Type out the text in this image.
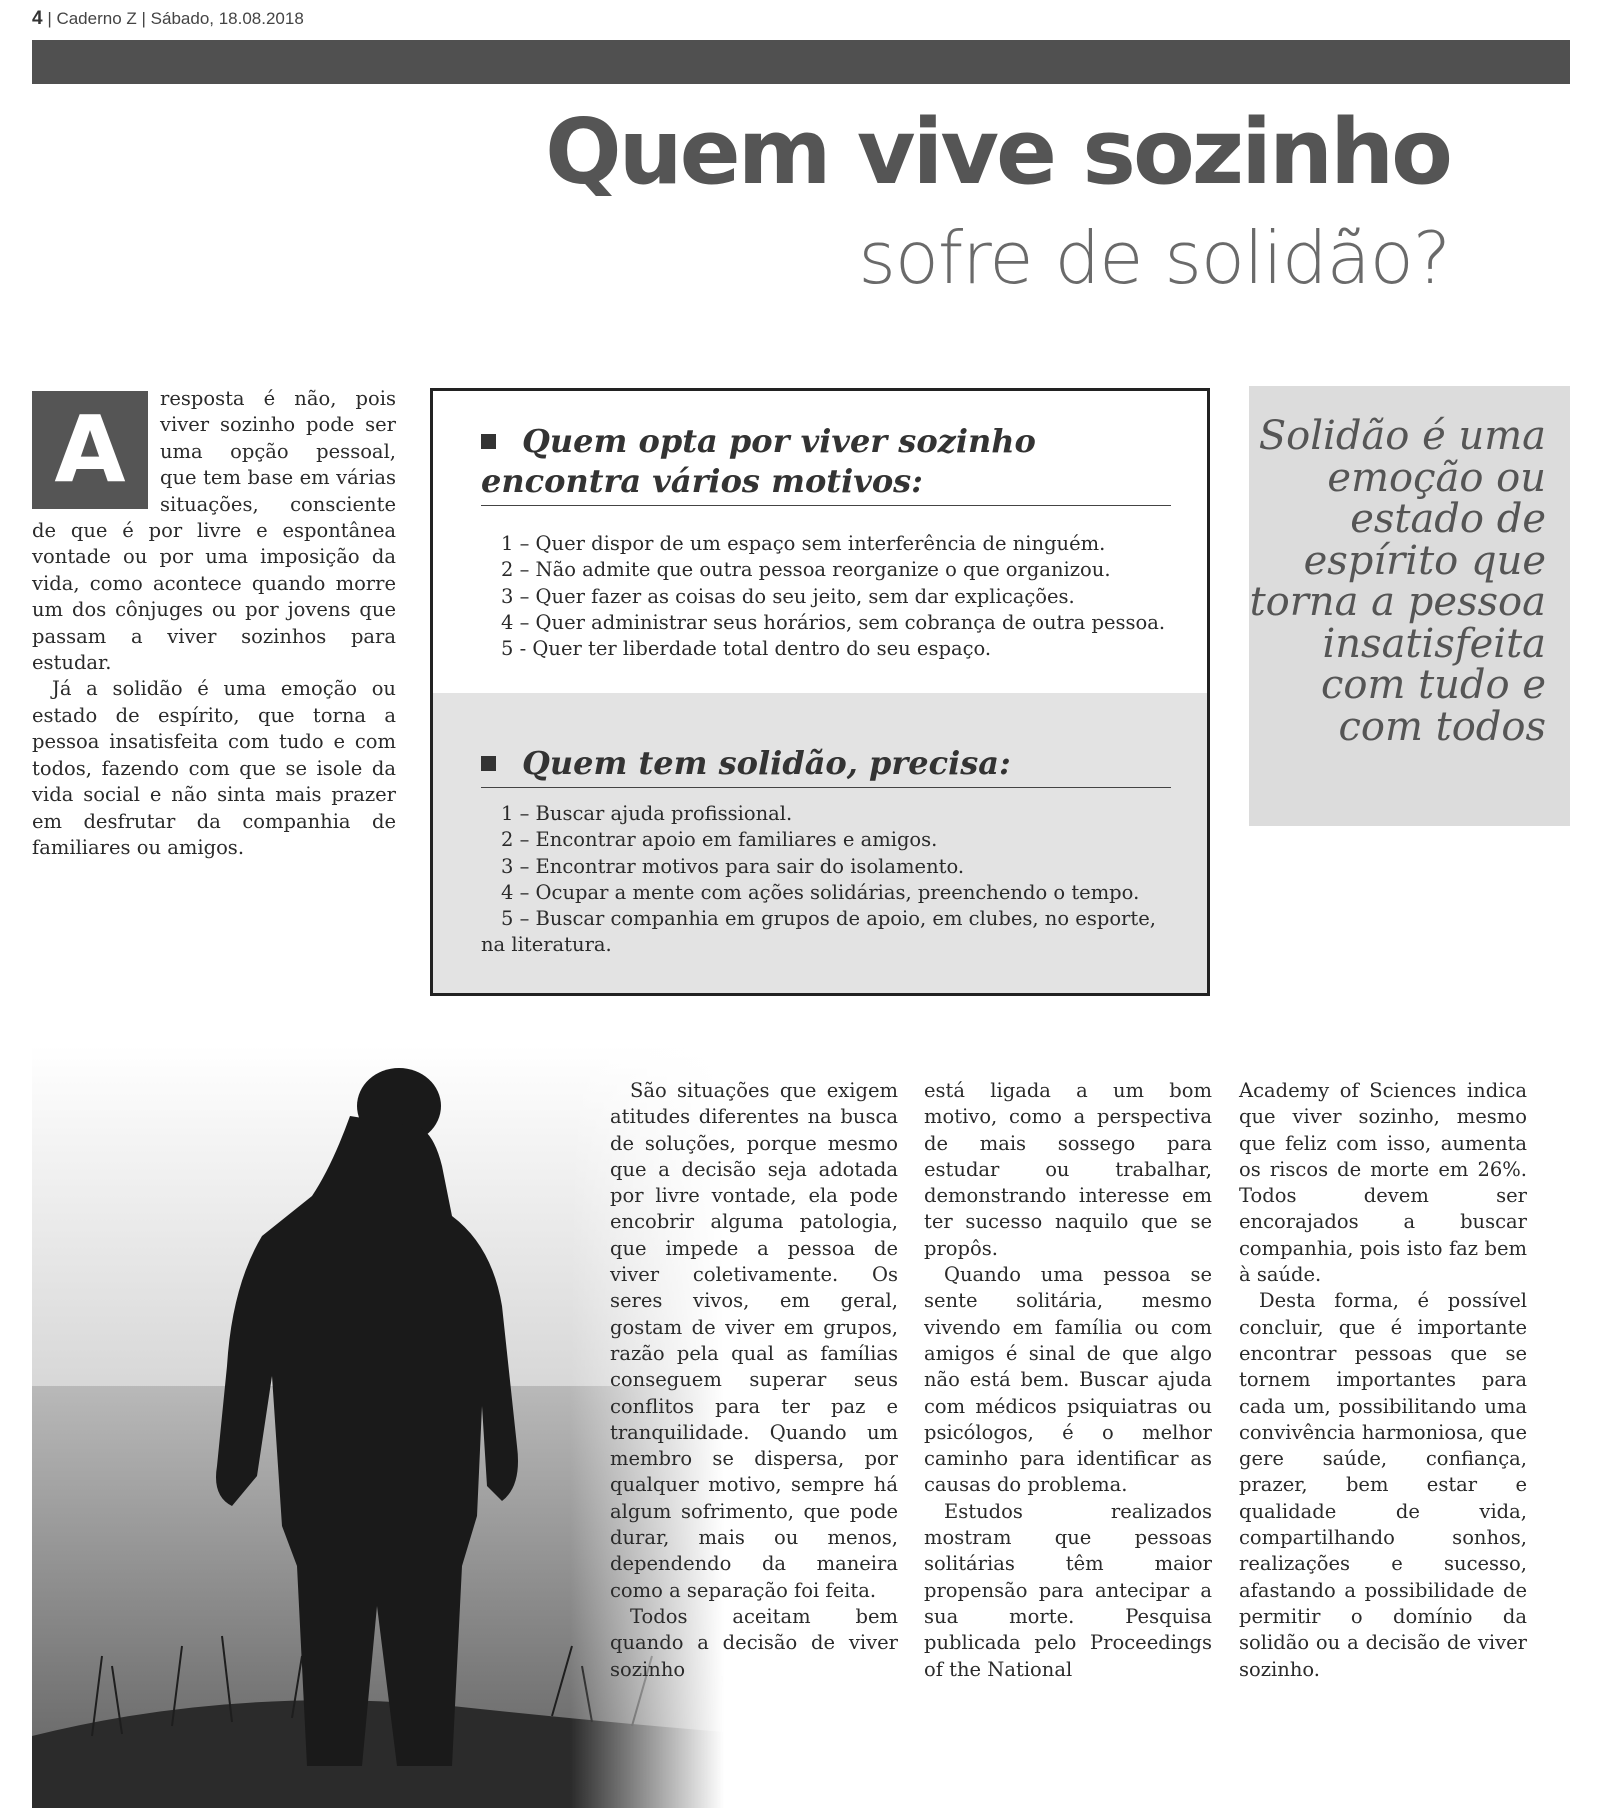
4 | Caderno Z | Sábado, 18.08.2018
Quem vive sozinho
sofre de solidão?

A	resposta é não, pois viver sozinho pode ser uma opção pessoal, que tem base em várias situações, consciente de que é por livre e espontânea vontade ou por uma imposição da vida, como acontece quando morre um dos cônjuges ou por jovens que passam a viver sozinhos para estudar.

Já a solidão é uma emoção ou estado de espírito, que torna a pessoa insatisfeita com tudo e com todos, fazendo com que se isole da vida social e não sinta mais prazer em desfrutar da companhia de familiares ou amigos.

Quem opta por viver sozinho encontra vários motivos:
1 – Quer dispor de um espaço sem interferência de ninguém.
2 – Não admite que outra pessoa reorganize o que organizou.
3 – Quer fazer as coisas do seu jeito, sem dar explicações.
4 – Quer administrar seus horários, sem cobrança de outra pessoa.
5 - Quer ter liberdade total dentro do seu espaço.
Quem tem solidão, precisa:
1 – Buscar ajuda profissional.
2 – Encontrar apoio em familiares e amigos.
3 – Encontrar motivos para sair do isolamento.
4 – Ocupar a mente com ações solidárias, preenchendo o tempo.
5 – Buscar companhia em grupos de apoio, em clubes, no esporte, na literatura.

Solidão é uma emoção ou estado de espírito que torna a pessoa insatisfeita com tudo e com todos

São situações que exigem atitudes diferentes na busca de soluções, porque mesmo que a decisão seja adotada por livre vontade, ela pode encobrir alguma patologia, que impede a pessoa de viver coletivamente. Os seres vivos, em geral, gostam de viver em grupos, razão pela qual as famílias conseguem superar seus conflitos para ter paz e tranquilidade. Quando um membro se dispersa, por qualquer motivo, sempre há algum sofrimento, que pode durar, mais ou menos, dependendo da maneira como a separação foi feita.

Todos aceitam bem quando a decisão de viver sozinho

está ligada a um bom motivo, como a perspectiva de mais sossego para estudar ou trabalhar, demonstrando interesse em ter sucesso naquilo que se propôs.

Quando uma pessoa se sente solitária, mesmo vivendo em família ou com amigos é sinal de que algo não está bem. Buscar ajuda com médicos psiquiatras ou psicólogos, é o melhor caminho para identificar as causas do problema.

Estudos realizados mostram que pessoas solitárias têm maior propensão para antecipar a sua morte. Pesquisa publicada pelo Proceedings of the National

Academy of Sciences indica que viver sozinho, mesmo que feliz com isso, aumenta os riscos de morte em 26%. Todos devem ser encorajados a buscar companhia, pois isto faz bem à saúde.

Desta forma, é possível concluir, que é importante encontrar pessoas que se tornem importantes para cada um, possibilitando uma convivência harmoniosa, que gere saúde, confiança, prazer, bem estar e qualidade de vida, compartilhando sonhos, realizações e sucesso, afastando a possibilidade de permitir o domínio da solidão ou a decisão de viver sozinho.
